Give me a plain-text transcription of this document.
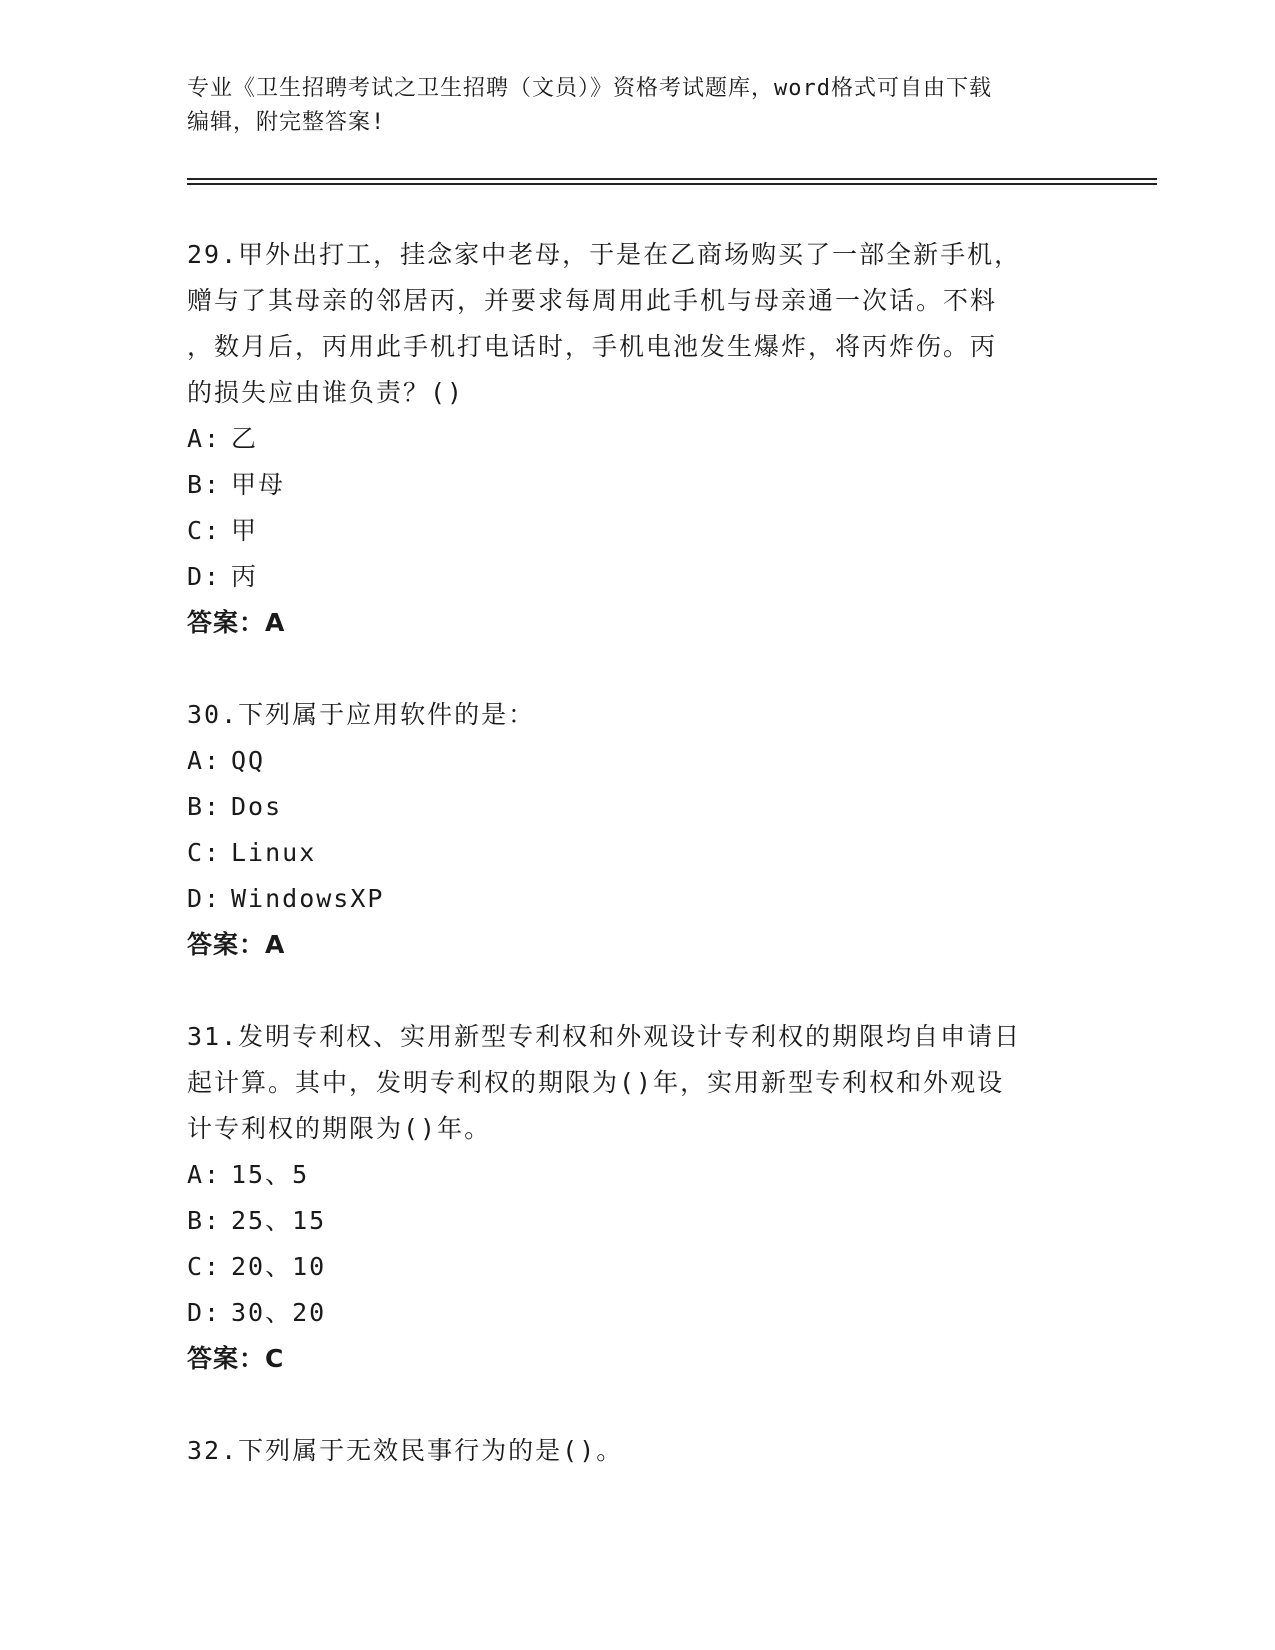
专业《卫生招聘考试之卫生招聘（文员）》资格考试题库，word格式可自由下载
编辑，附完整答案!

29.甲外出打工，挂念家中老母，于是在乙商场购买了一部全新手机，
赠与了其母亲的邻居丙，并要求每周用此手机与母亲通一次话。不料
，数月后，丙用此手机打电话时，手机电池发生爆炸，将丙炸伤。丙
的损失应由谁负责？()

A: 乙
B: 甲母
C: 甲
D: 丙
答案：A

30.下列属于应用软件的是：

A: QQ
B: Dos
C: Linux
D: WindowsXP
答案：A

31.发明专利权、实用新型专利权和外观设计专利权的期限均自申请日
起计算。其中，发明专利权的期限为()年，实用新型专利权和外观设
计专利权的期限为()年。

A: 15、5
B: 25、15
C: 20、10
D: 30、20
答案：C

32.下列属于无效民事行为的是()。
